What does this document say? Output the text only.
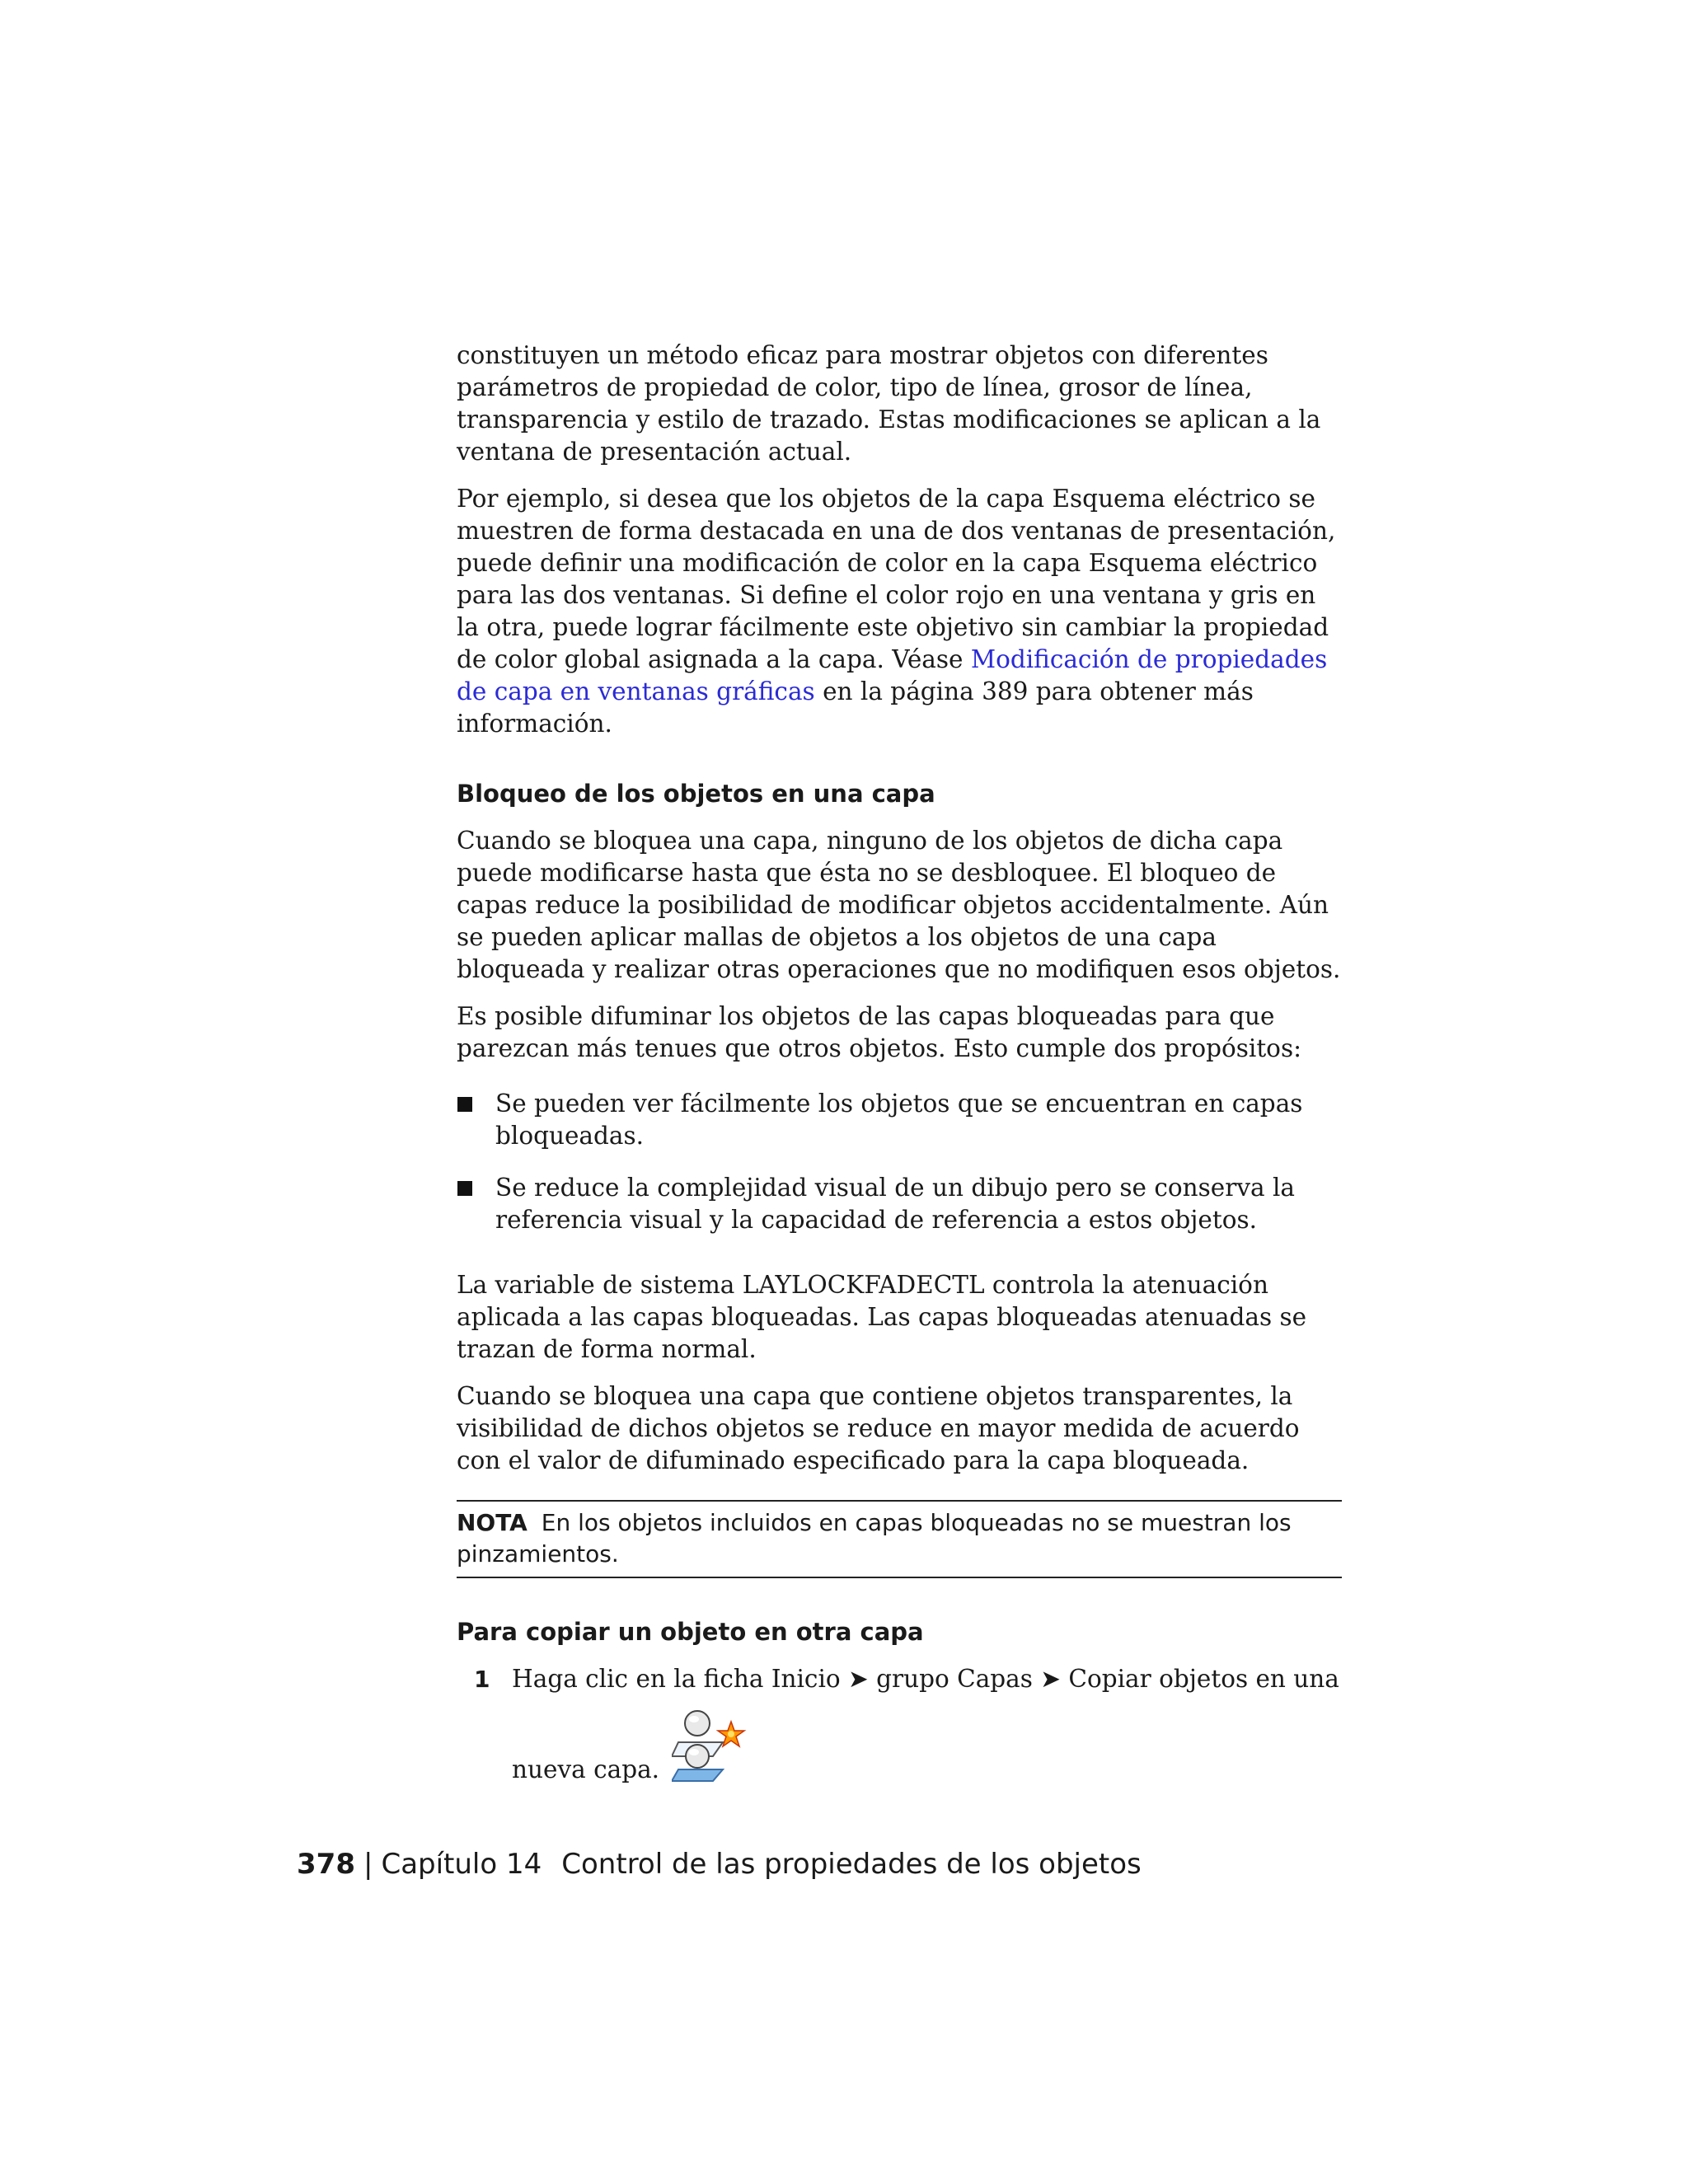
constituyen un método eficaz para mostrar objetos con diferentes parámetros de propiedad de color, tipo de línea, grosor de línea, transparencia y estilo de trazado. Estas modificaciones se aplican a la ventana de presentación actual.

Por ejemplo, si desea que los objetos de la capa Esquema eléctrico se muestren de forma destacada en una de dos ventanas de presentación, puede definir una modificación de color en la capa Esquema eléctrico para las dos ventanas. Si define el color rojo en una ventana y gris en la otra, puede lograr fácilmente este objetivo sin cambiar la propiedad de color global asignada a la capa. Véase Modificación de propiedades de capa en ventanas gráficas en la página 389 para obtener más información.

Bloqueo de los objetos en una capa

Cuando se bloquea una capa, ninguno de los objetos de dicha capa puede modificarse hasta que ésta no se desbloquee. El bloqueo de capas reduce la posibilidad de modificar objetos accidentalmente. Aún se pueden aplicar mallas de objetos a los objetos de una capa bloqueada y realizar otras operaciones que no modifiquen esos objetos.

Es posible difuminar los objetos de las capas bloqueadas para que parezcan más tenues que otros objetos. Esto cumple dos propósitos:

Se pueden ver fácilmente los objetos que se encuentran en capas bloqueadas.
Se reduce la complejidad visual de un dibujo pero se conserva la referencia visual y la capacidad de referencia a estos objetos.

La variable de sistema LAYLOCKFADECTL controla la atenuación aplicada a las capas bloqueadas. Las capas bloqueadas atenuadas se trazan de forma normal.

Cuando se bloquea una capa que contiene objetos transparentes, la visibilidad de dichos objetos se reduce en mayor medida de acuerdo con el valor de difuminado especificado para la capa bloqueada.

NOTA En los objetos incluidos en capas bloqueadas no se muestran los pinzamientos.
Para copiar un objeto en otra capa
1 Haga clic en la ficha Inicio ➤ grupo Capas ➤ Copiar objetos en una nueva capa.
378 | Capítulo 14 Control de las propiedades de los objetos
